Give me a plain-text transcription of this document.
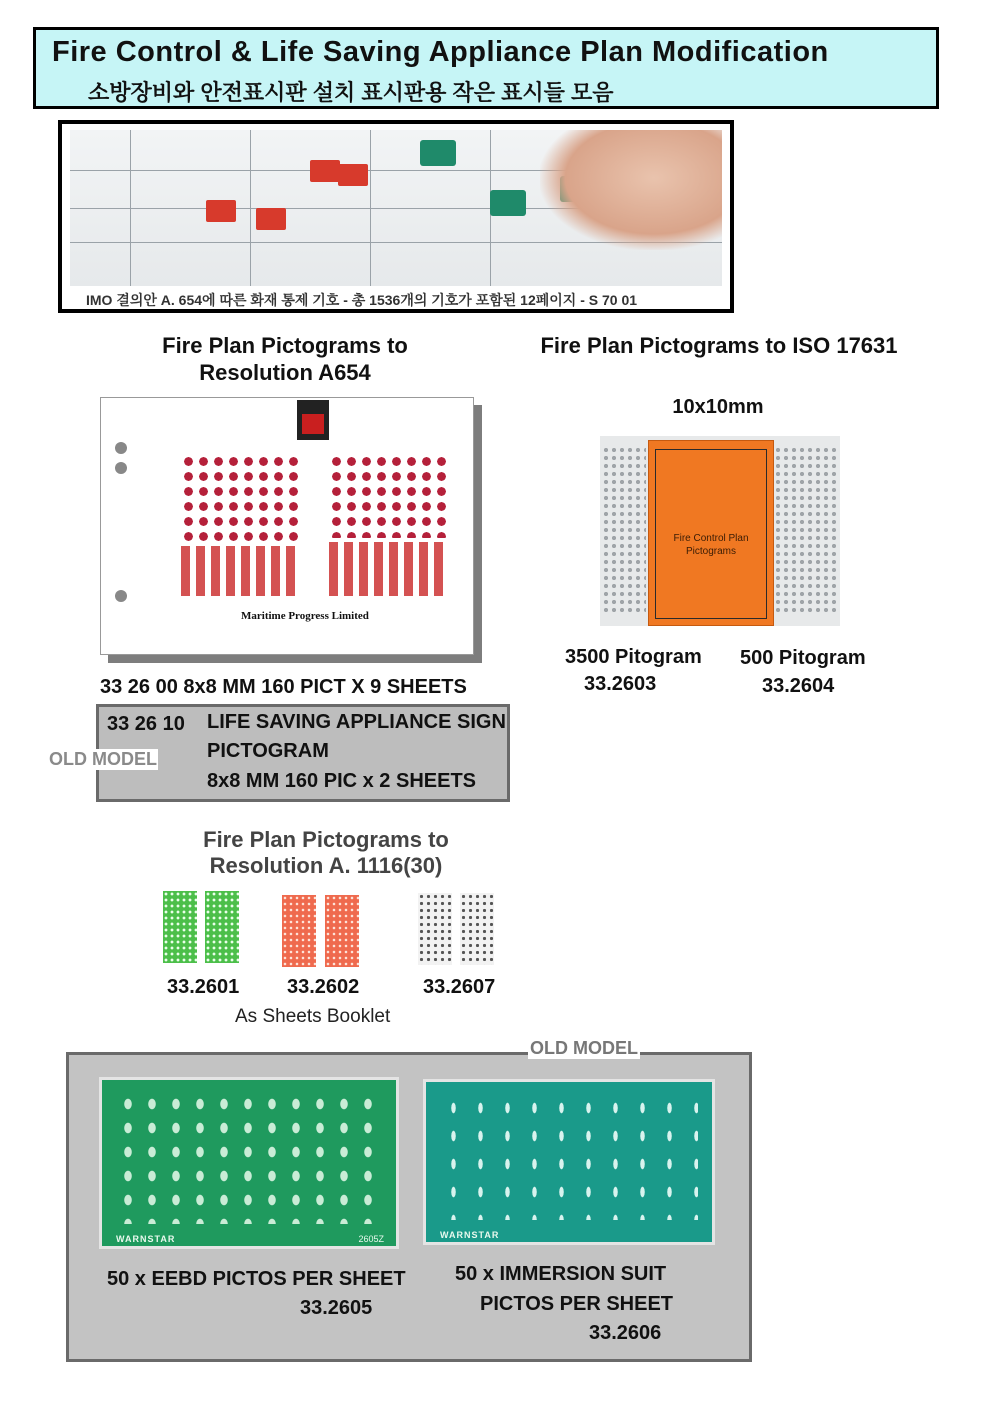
Fire Control & Life Saving Appliance Plan Modification
소방장비와 안전표시판 설치 표시판용 작은 표시들 모음
IMO 결의안 A. 654에 따른 화재 통제 기호 - 총 1536개의 기호가 포함된 12페이지 - S 70 01
Fire Plan Pictograms to Resolution A654
Maritime Progress Limited
33 26 00 8x8 MM 160 PICT X 9 SHEETS
Fire Plan Pictograms to ISO 17631
10x10mm
Fire Control Plan Pictograms
3500 Pitogram
33.2603
500 Pitogram
33.2604
33 26 10 LIFE SAVING APPLIANCE SIGN
PICTOGRAM
8x8 MM 160 PIC x 2 SHEETS
OLD MODEL
Fire Plan Pictograms to Resolution A. 1116(30)
33.2601 33.2602	33.2607
As Sheets Booklet
WARNSTAR	2605Z	WARNSTAR
50 x EEBD PICTOS PER SHEET
33.2605
50 x IMMERSION SUIT
PICTOS PER SHEET
33.2606
OLD MODEL
